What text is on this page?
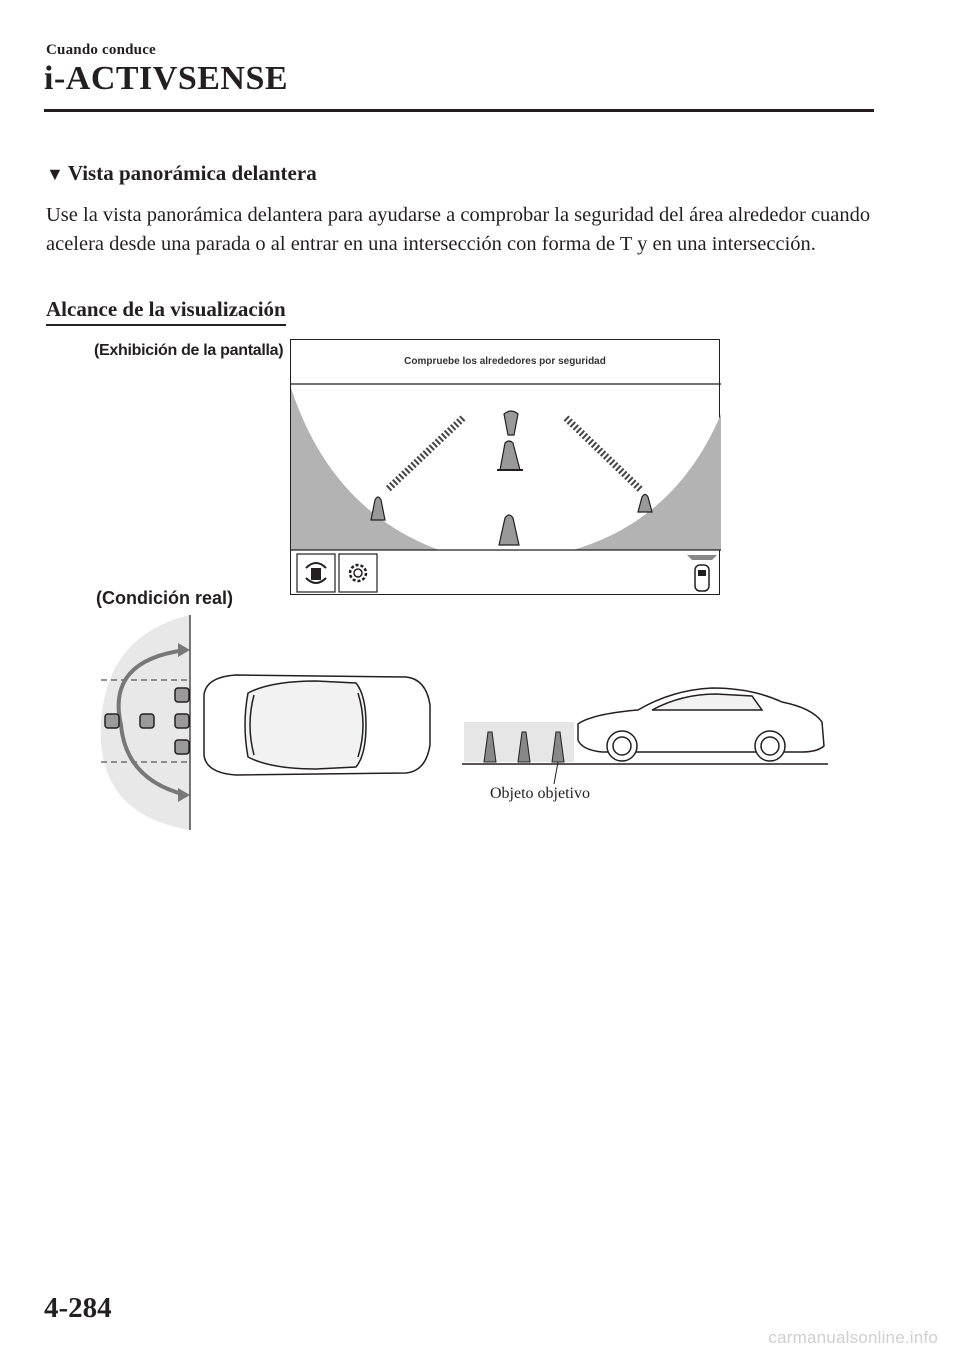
Cuando conduce
i-ACTIVSENSE
▼ Vista panorámica delantera
Use la vista panorámica delantera para ayudarse a comprobar la seguridad del área alrededor cuando acelera desde una parada o al entrar en una intersección con forma de T y en una intersección.
Alcance de la visualización
(Exhibición de la pantalla)
Compruebe los alrededores por seguridad
(Condición real)
Objeto objetivo
4-284
carmanualsonline.info
